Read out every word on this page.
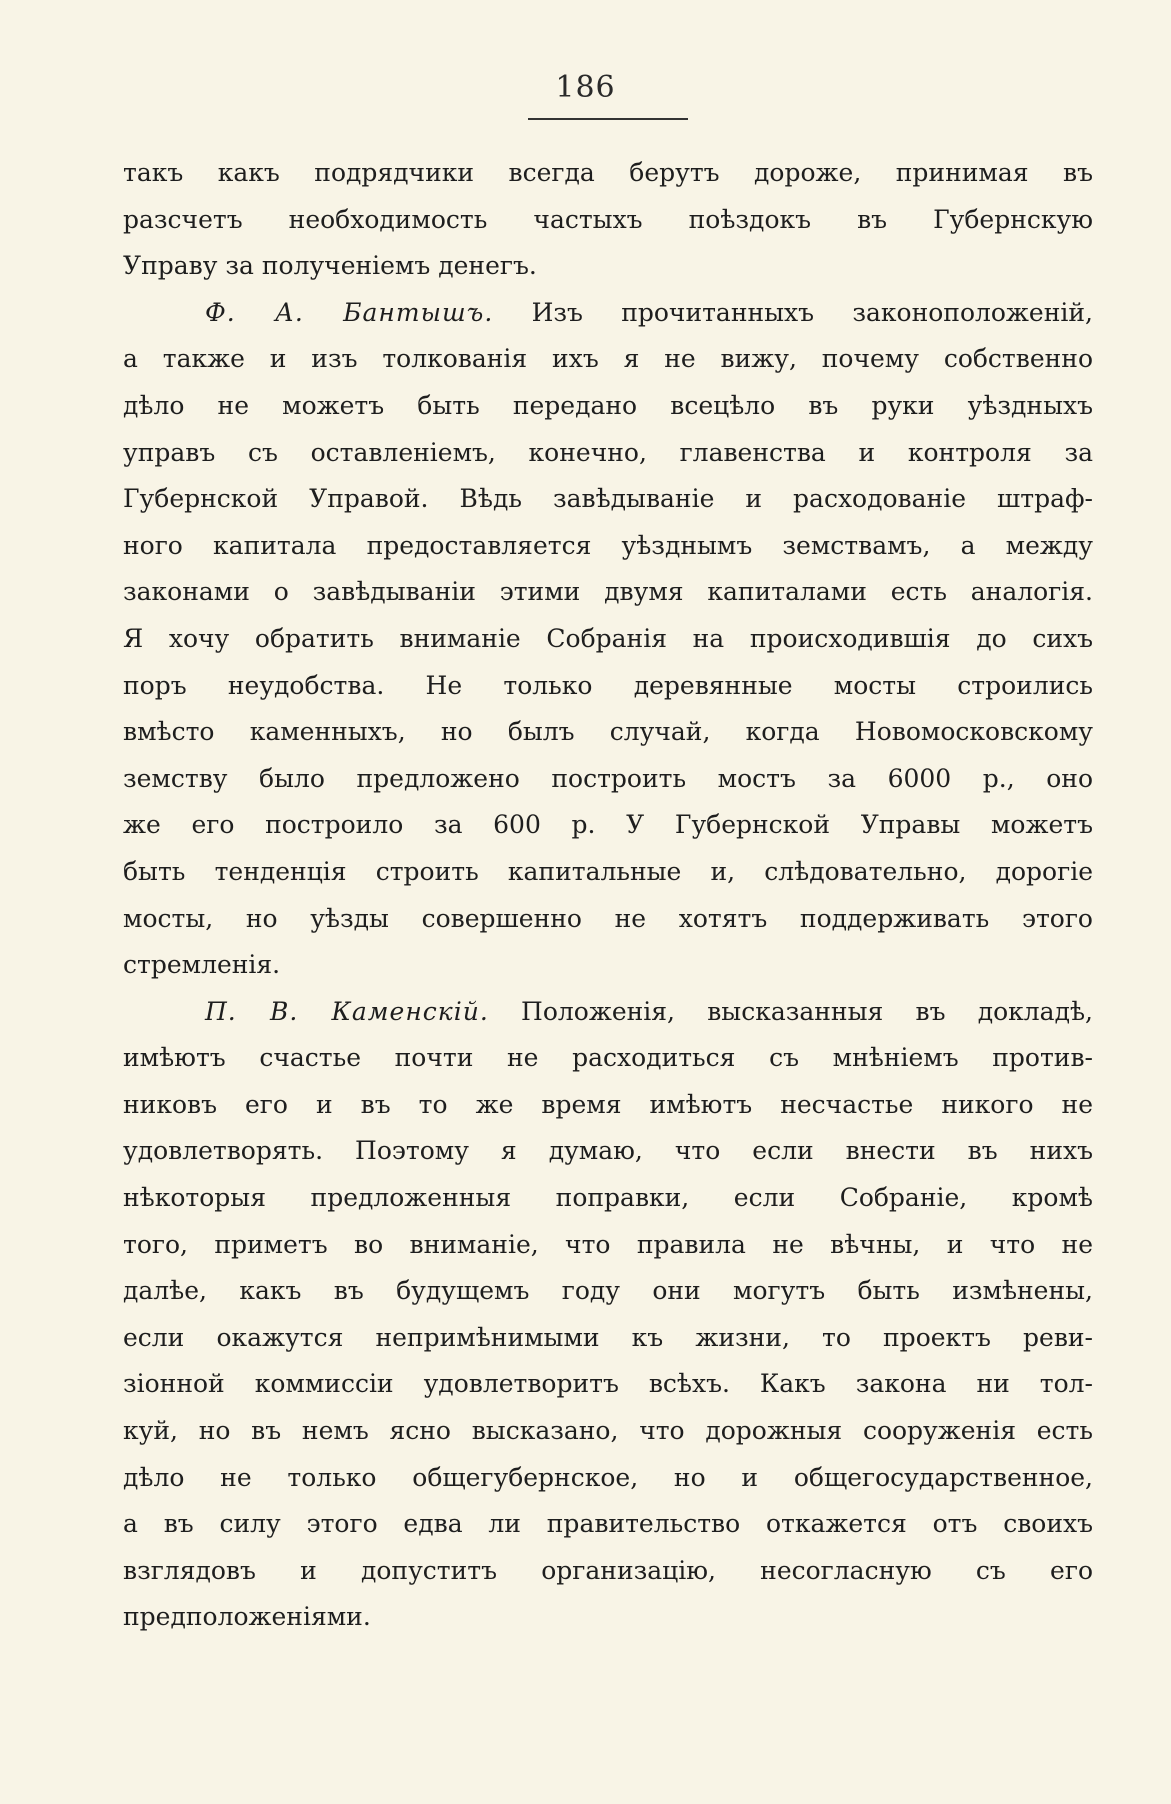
186
такъ какъ подрядчики всегда берутъ дороже, принимая въ
разсчетъ необходимость частыхъ поѣздокъ въ Губернскую
Управу за полученіемъ денегъ.
Ф. А. Бантышъ. Изъ прочитанныхъ законоположеній,
а также и изъ толкованія ихъ я не вижу, почему собственно
дѣло не можетъ быть передано всецѣло въ руки уѣздныхъ
управъ съ оставленіемъ, конечно, главенства и контроля за
Губернской Управой. Вѣдь завѣдываніе и расходованіе штраф-
ного капитала предоставляется уѣзднымъ земствамъ, а между
законами о завѣдываніи этими двумя капиталами есть аналогія.
Я хочу обратить вниманіе Собранія на происходившія до сихъ
поръ неудобства. Не только деревянные мосты строились
вмѣсто каменныхъ, но былъ случай, когда Новомосковскому
земству было предложено построить мостъ за 6000 р., оно
же его построило за 600 р. У Губернской Управы можетъ
быть тенденція строить капитальные и, слѣдовательно, дорогіе
мосты, но уѣзды совершенно не хотятъ поддерживать этого
стремленія.
П. В. Каменскій. Положенія, высказанныя въ докладѣ,
имѣютъ счастье почти не расходиться съ мнѣніемъ против-
никовъ его и въ то же время имѣютъ несчастье никого не
удовлетворять. Поэтому я думаю, что если внести въ нихъ
нѣкоторыя предложенныя поправки, если Собраніе, кромѣ
того, приметъ во вниманіе, что правила не вѣчны, и что не
далѣе, какъ въ будущемъ году они могутъ быть измѣнены,
если окажутся непримѣнимыми къ жизни, то проектъ реви-
зіонной коммиссіи удовлетворитъ всѣхъ. Какъ закона ни тол-
куй, но въ немъ ясно высказано, что дорожныя сооруженія есть
дѣло не только общегубернское, но и общегосударственное,
а въ силу этого едва ли правительство откажется отъ своихъ
взглядовъ и допуститъ организацію, несогласную съ его
предположеніями.
